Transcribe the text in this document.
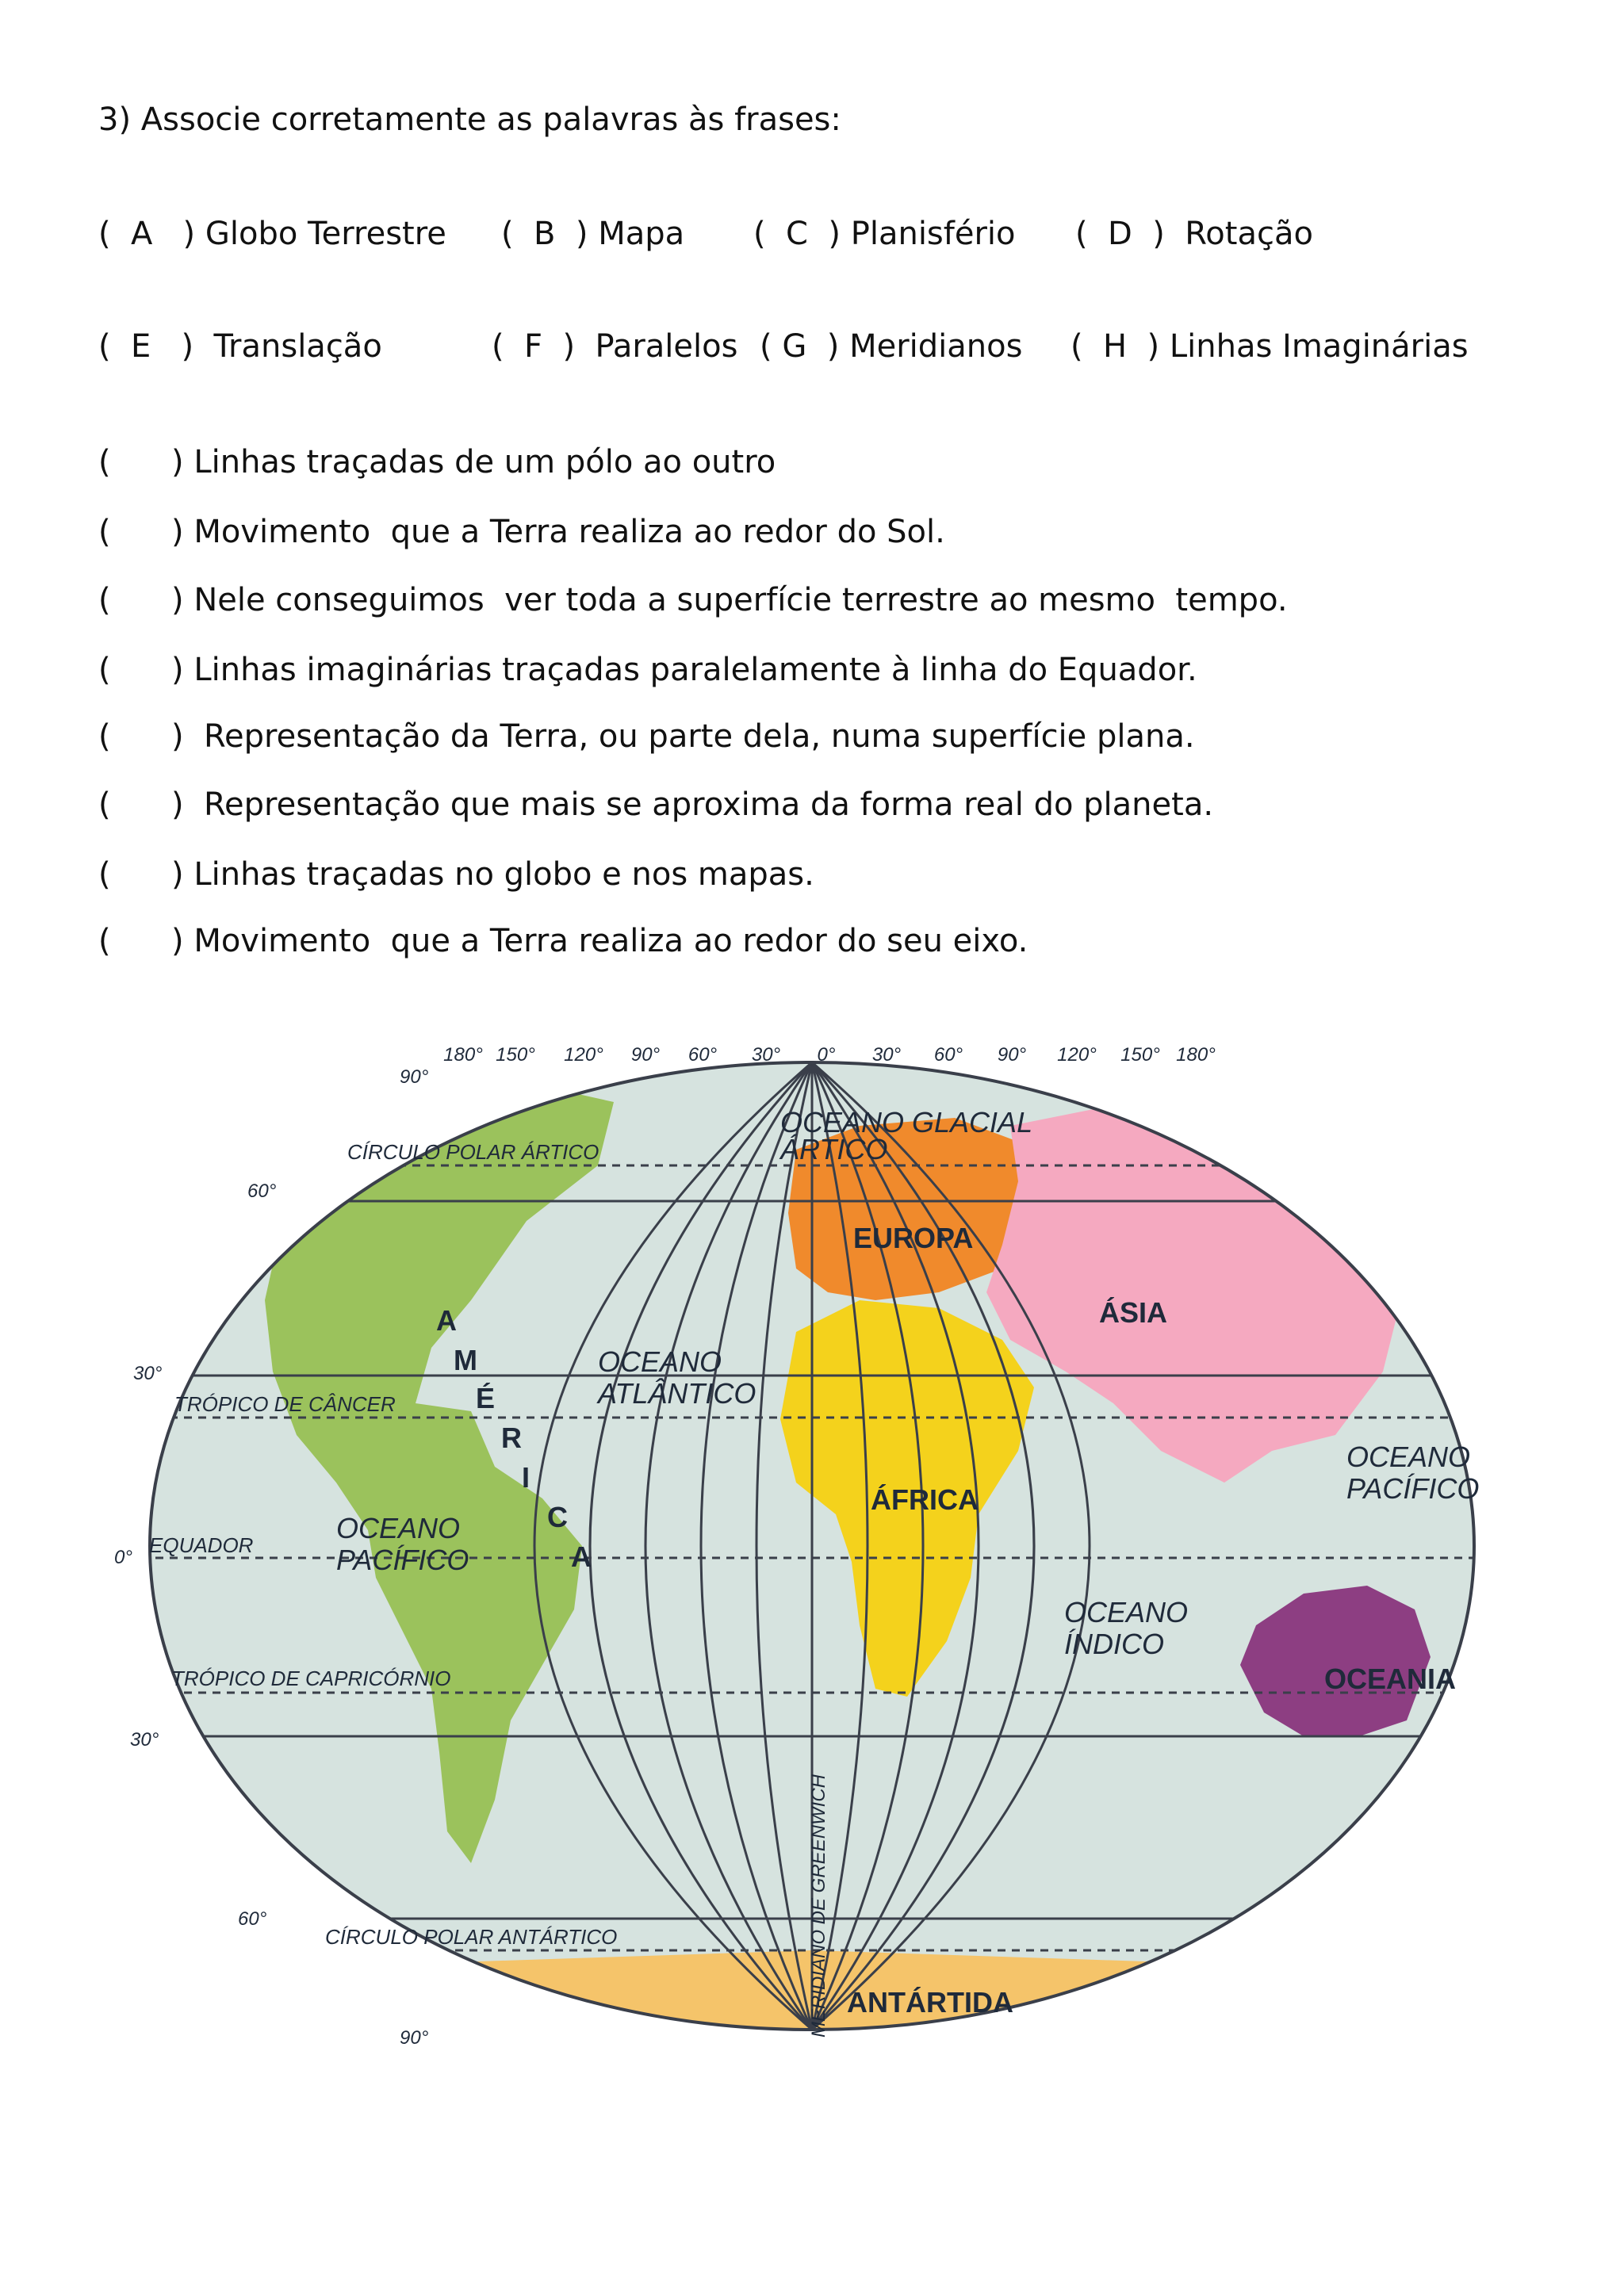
3) Associe corretamente as palavras às frases:
(  A   ) Globo Terrestre (  B  ) Mapa (  C  ) Planisfério (  D  )  Rotação
(  E   )  Translação	(  F  )  Paralelos ( G  ) Meridianos (  H  ) Linhas Imaginárias
( ) Linhas traçadas de um pólo ao outro
( ) Movimento  que a Terra realiza ao redor do Sol.
( ) Nele conseguimos  ver toda a superfície terrestre ao mesmo  tempo.
( ) Linhas imaginárias traçadas paralelamente à linha do Equador.
( )  Representação da Terra, ou parte dela, numa superfície plana.
( )  Representação que mais se aproxima da forma real do planeta.
( ) Linhas traçadas no globo e nos mapas.
( ) Movimento  que a Terra realiza ao redor do seu eixo.
180° 150° 120° 90° 60° 30° 0° 30° 60° 90° 120° 150° 180°
90°
60°
30°
0°
30°
60°
90°
CÍRCULO POLAR ÁRTICO
TRÓPICO DE CÂNCER
EQUADOR
TRÓPICO DE CAPRICÓRNIO
CÍRCULO POLAR ANTÁRTICO	MERIDIANO DE GREENWICH
OCEANO GLACIAL
ÁRTICO
OCEANO
ATLÂNTICO
OCEANO
PACÍFICO
OCEANO
PACÍFICO
OCEANO
ÍNDICO
A
M
É
R
I
C
A
EUROPA
ÁSIA
ÁFRICA
OCEANIA
ANTÁRTIDA
